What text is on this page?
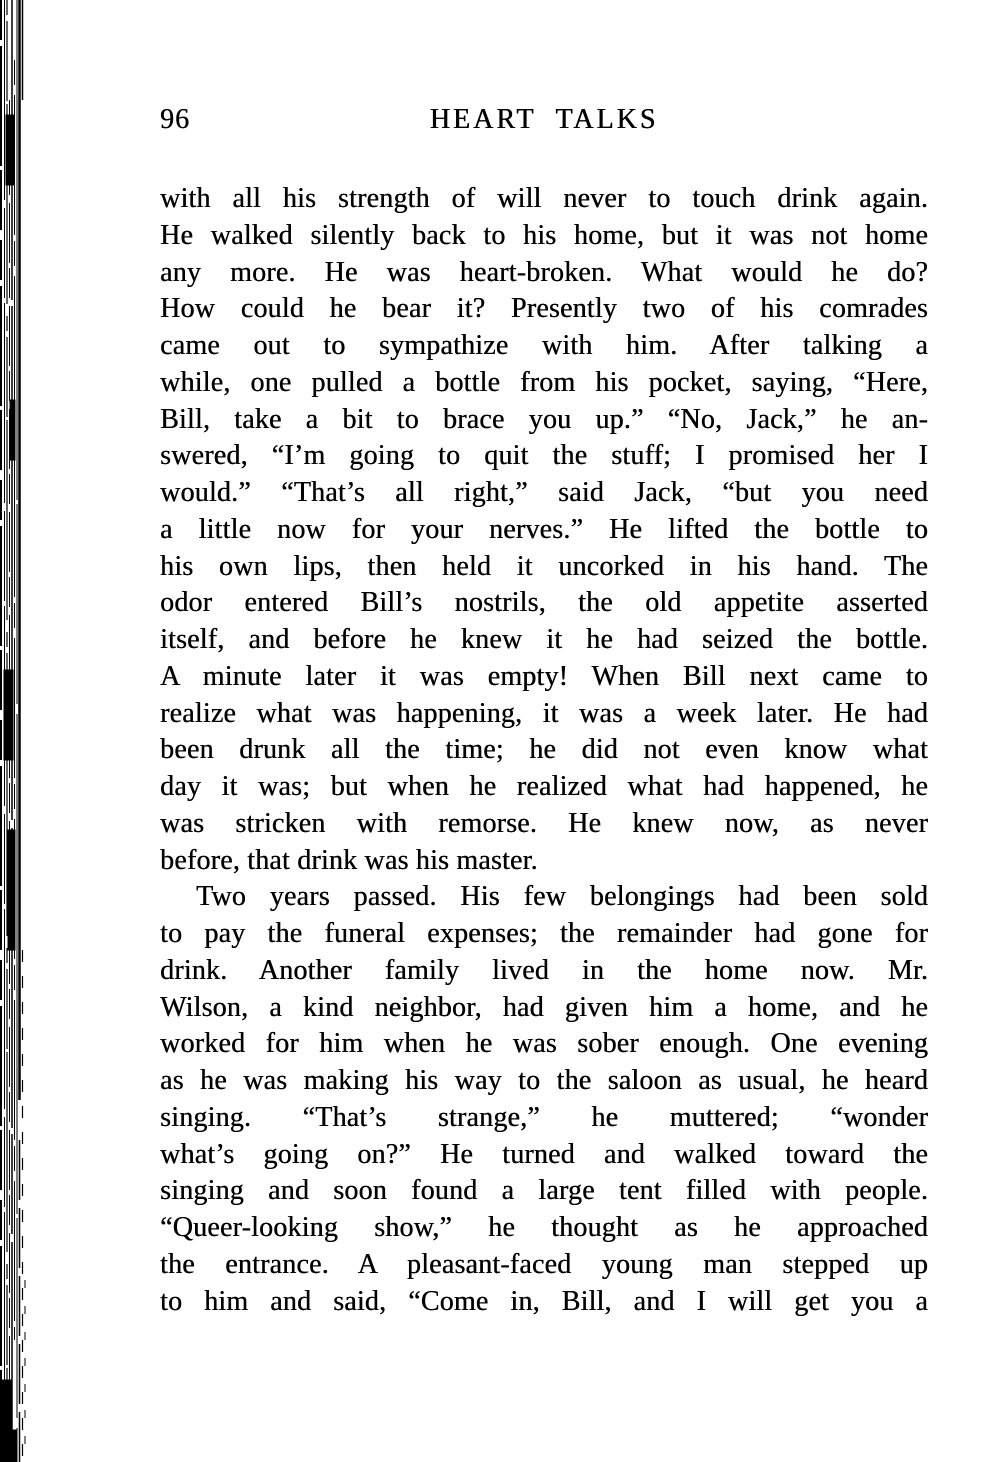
96	HEART TALKS
with all his strength of will never to touch drink again.
He walked silently back to his home, but it was not home
any more. He was heart-broken. What would he do?
How could he bear it? Presently two of his comrades
came out to sympathize with him. After talking a
while, one pulled a bottle from his pocket, saying, “Here,
Bill, take a bit to brace you up.” “No, Jack,” he an-
swered, “I’m going to quit the stuff; I promised her I
would.” “That’s all right,” said Jack, “but you need
a little now for your nerves.” He lifted the bottle to
his own lips, then held it uncorked in his hand. The
odor entered Bill’s nostrils, the old appetite asserted
itself, and before he knew it he had seized the bottle.
A minute later it was empty! When Bill next came to
realize what was happening, it was a week later. He had
been drunk all the time; he did not even know what
day it was; but when he realized what had happened, he
was stricken with remorse. He knew now, as never
before, that drink was his master.
Two years passed. His few belongings had been sold
to pay the funeral expenses; the remainder had gone for
drink. Another family lived in the home now. Mr.
Wilson, a kind neighbor, had given him a home, and he
worked for him when he was sober enough. One evening
as he was making his way to the saloon as usual, he heard
singing. “That’s strange,” he muttered; “wonder
what’s going on?” He turned and walked toward the
singing and soon found a large tent filled with people.
“Queer-looking show,” he thought as he approached
the entrance. A pleasant-faced young man stepped up
to him and said, “Come in, Bill, and I will get you a
